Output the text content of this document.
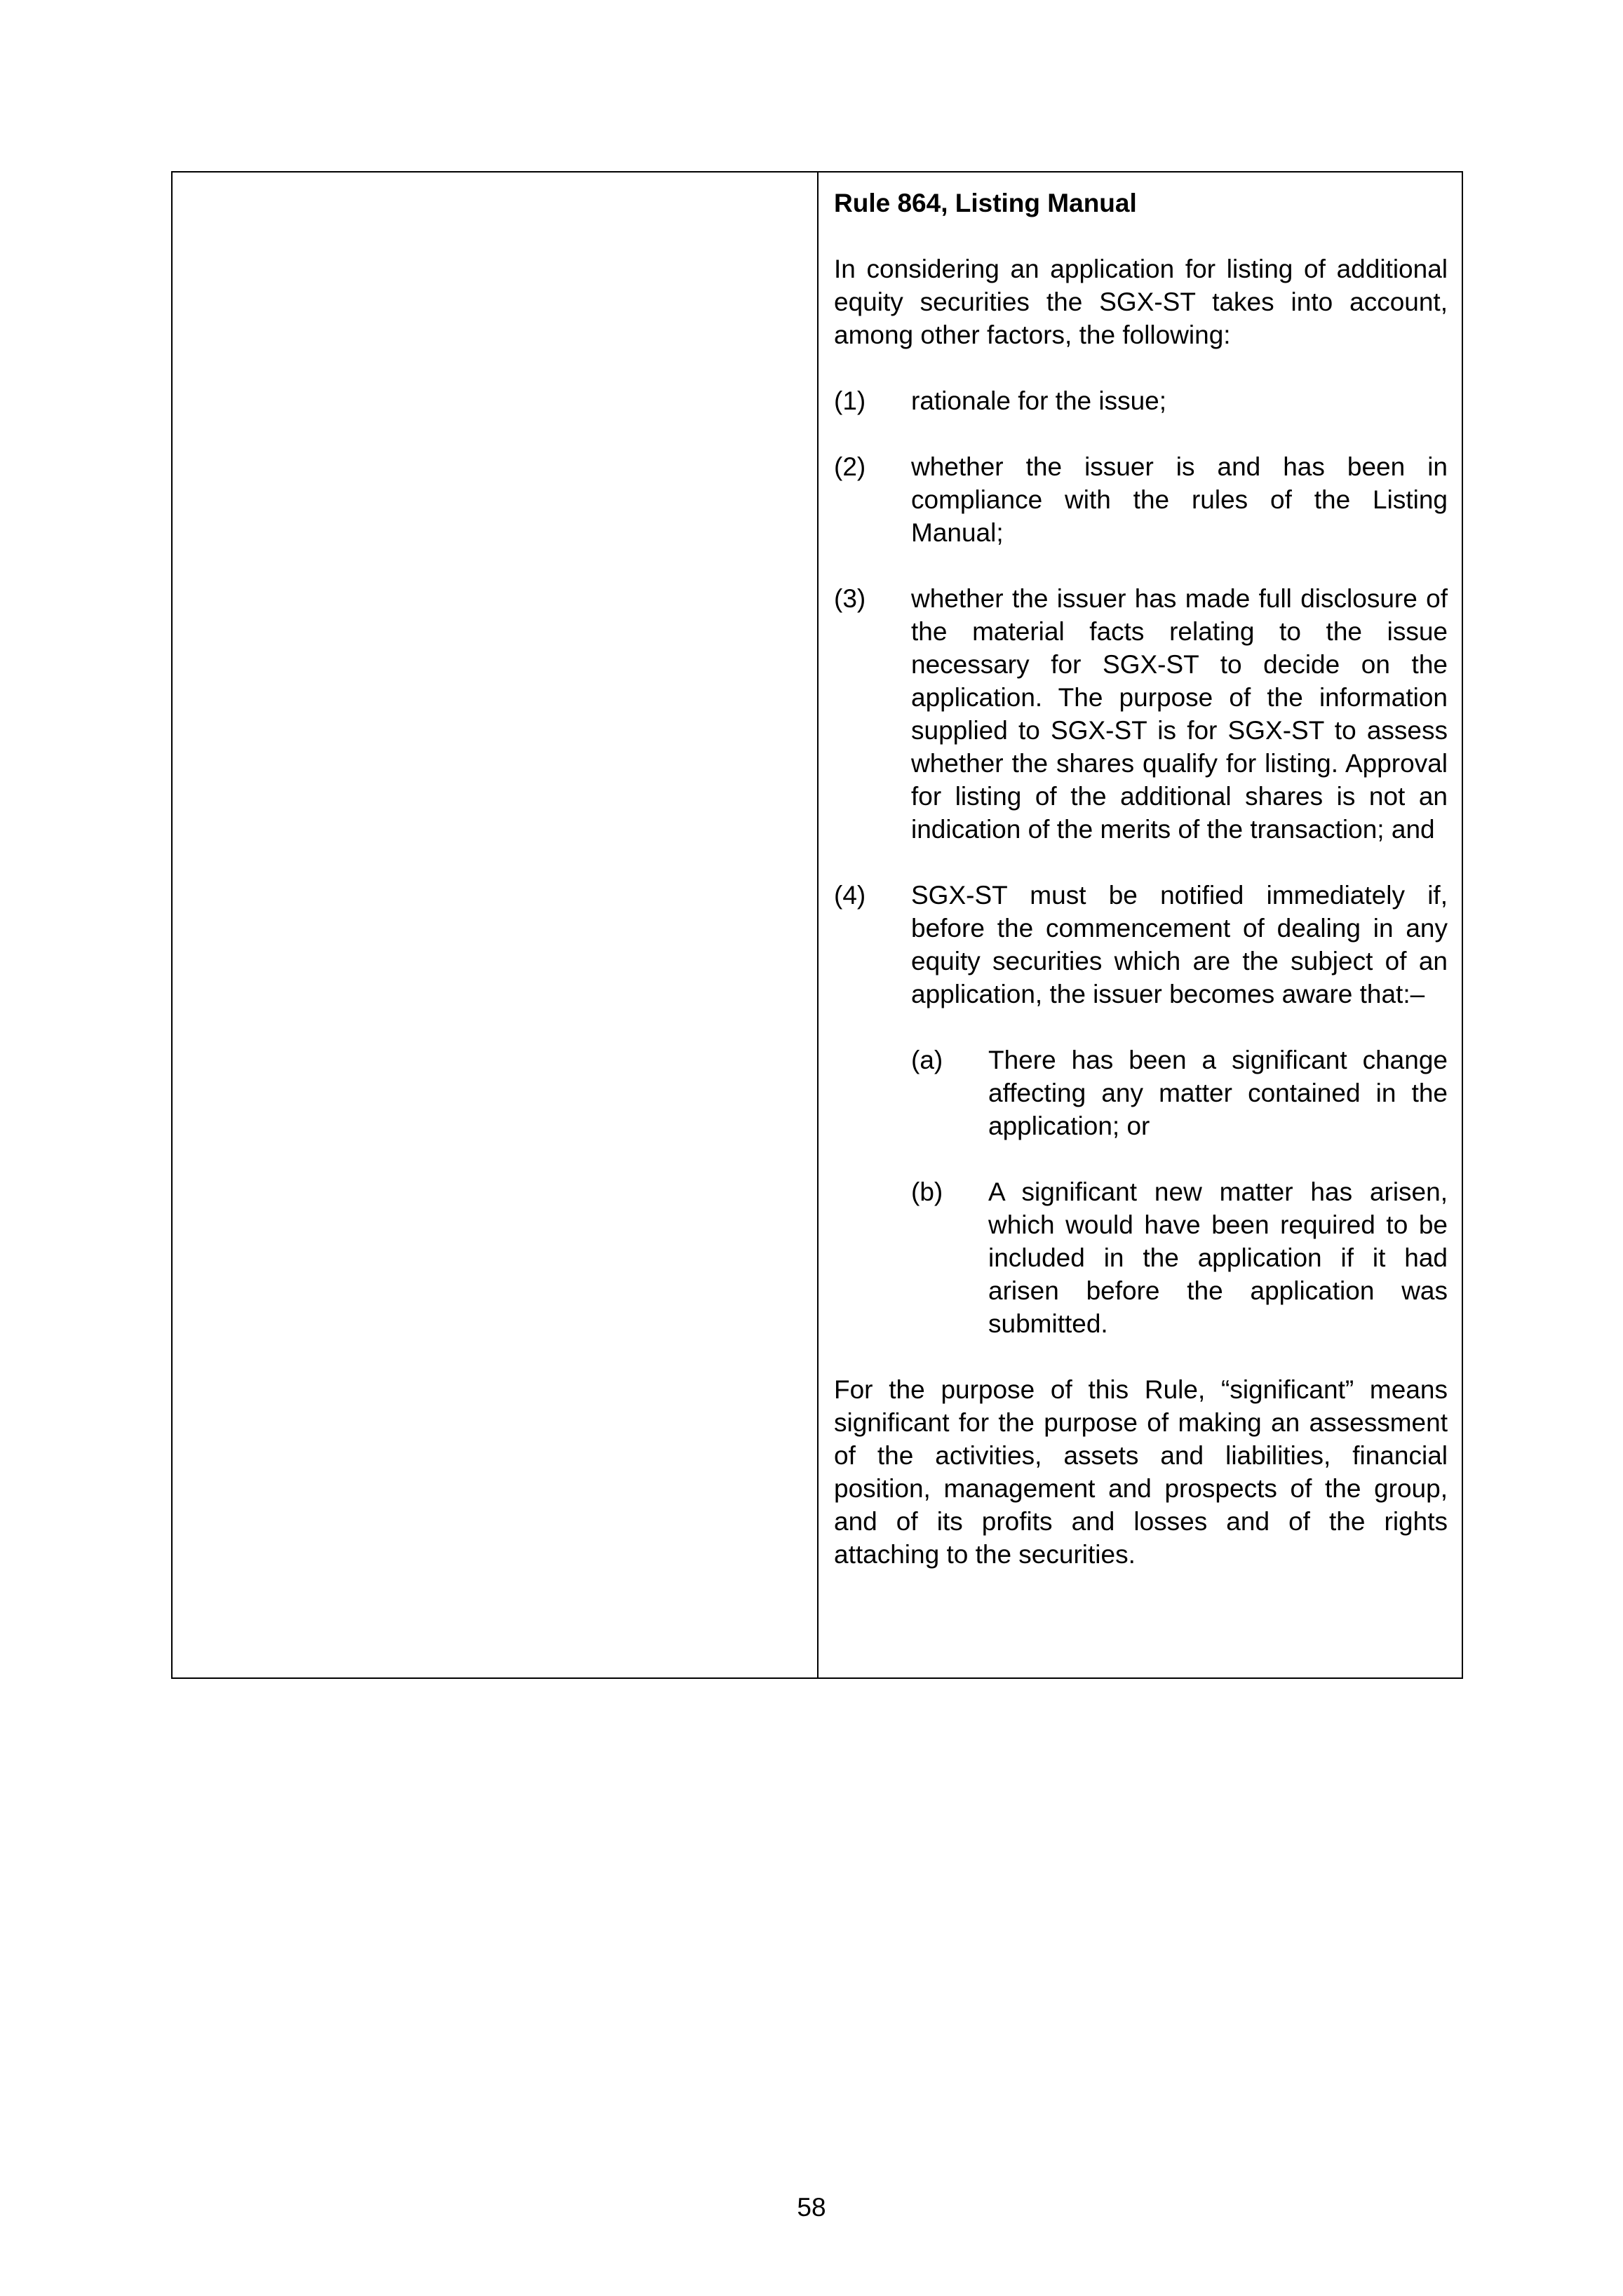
Rule 864, Listing Manual
In considering an application for listing of additional equity securities the SGX-ST takes into account, among other factors, the following:
(1)	rationale for the issue;
(2)	whether the issuer is and has been in compliance with the rules of the Listing Manual;
(3)	whether the issuer has made full disclosure of the material facts relating to the issue necessary for SGX-ST to decide on the application. The purpose of the information supplied to SGX-ST is for SGX-ST to assess whether the shares qualify for listing. Approval for listing of the additional shares is not an indication of the merits of the transaction; and
(4)	SGX-ST must be notified immediately if, before the commencement of dealing in any equity securities which are the subject of an application, the issuer becomes aware that:–
(a)	There has been a significant change affecting any matter contained in the application; or
(b)	A significant new matter has arisen, which would have been required to be included in the application if it had arisen before the application was submitted.
For the purpose of this Rule, “significant” means significant for the purpose of making an assessment of the activities, assets and liabilities, financial position, management and prospects of the group, and of its profits and losses and of the rights attaching to the securities.
58
